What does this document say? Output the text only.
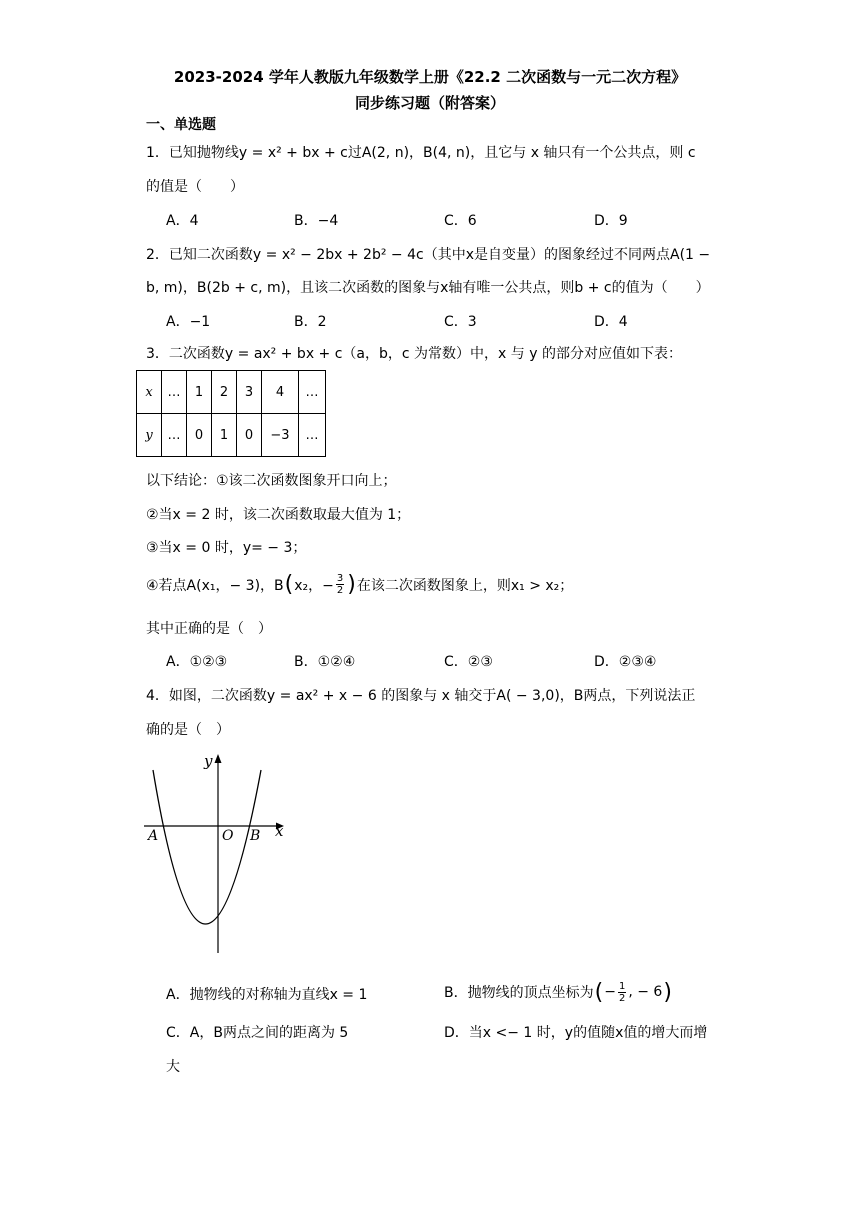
2023-2024 学年人教版九年级数学上册《22.2 二次函数与一元二次方程》
同步练习题（附答案）
一、单选题
1．已知抛物线y = x² + bx + c过A(2, n)，B(4, n)，且它与 x 轴只有一个公共点，则 c
的值是（　　）
A．4	B．−4	C．6	D．9
2．已知二次函数y = x² − 2bx + 2b² − 4c（其中x是自变量）的图象经过不同两点A(1 −
b, m)，B(2b + c, m)，且该二次函数的图象与x轴有唯一公共点，则b + c的值为（　　）
A．−1	B．2	C．3	D．4
3．二次函数y = ax² + bx + c（a，b，c 为常数）中，x 与 y 的部分对应值如下表：
x	…	1	2	3	4	…
y	…	0	1	0	−3	…
以下结论：①该二次函数图象开口向上；
②当x = 2 时，该二次函数取最大值为 1；
③当x = 0 时，y= − 3；
④若点A(x₁，− 3)，B ( x₂，− $\frac{3}{2}$ ) 在该二次函数图象上，则x₁ > x₂；
其中正确的是（　）
A．①②③	B．①②④	C．②③	D．②③④
4．如图，二次函数y = ax² + x − 6 的图象与 x 轴交于A( − 3,0)，B两点，下列说法正
确的是（　）
y
x
O
A	B
A．抛物线的对称轴为直线x = 1	B．抛物线的顶点坐标为 ( − $\frac{1}{2}$ , − 6 )
C．A，B两点之间的距离为 5	D．当x <− 1 时，y的值随x值的增大而增
大
